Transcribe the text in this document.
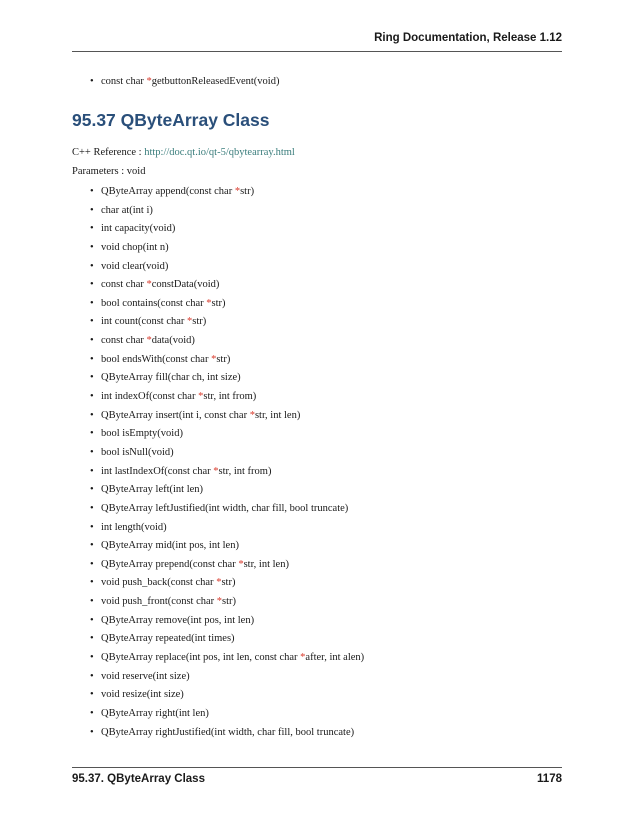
Ring Documentation, Release 1.12
• const char *getbuttonReleasedEvent(void)
95.37 QByteArray Class
C++ Reference : http://doc.qt.io/qt-5/qbytearray.html
Parameters : void
• QByteArray append(const char *str)
• char at(int i)
• int capacity(void)
• void chop(int n)
• void clear(void)
• const char *constData(void)
• bool contains(const char *str)
• int count(const char *str)
• const char *data(void)
• bool endsWith(const char *str)
• QByteArray fill(char ch, int size)
• int indexOf(const char *str, int from)
• QByteArray insert(int i, const char *str, int len)
• bool isEmpty(void)
• bool isNull(void)
• int lastIndexOf(const char *str, int from)
• QByteArray left(int len)
• QByteArray leftJustified(int width, char fill, bool truncate)
• int length(void)
• QByteArray mid(int pos, int len)
• QByteArray prepend(const char *str, int len)
• void push_back(const char *str)
• void push_front(const char *str)
• QByteArray remove(int pos, int len)
• QByteArray repeated(int times)
• QByteArray replace(int pos, int len, const char *after, int alen)
• void reserve(int size)
• void resize(int size)
• QByteArray right(int len)
• QByteArray rightJustified(int width, char fill, bool truncate)
95.37. QByteArray Class	1178
